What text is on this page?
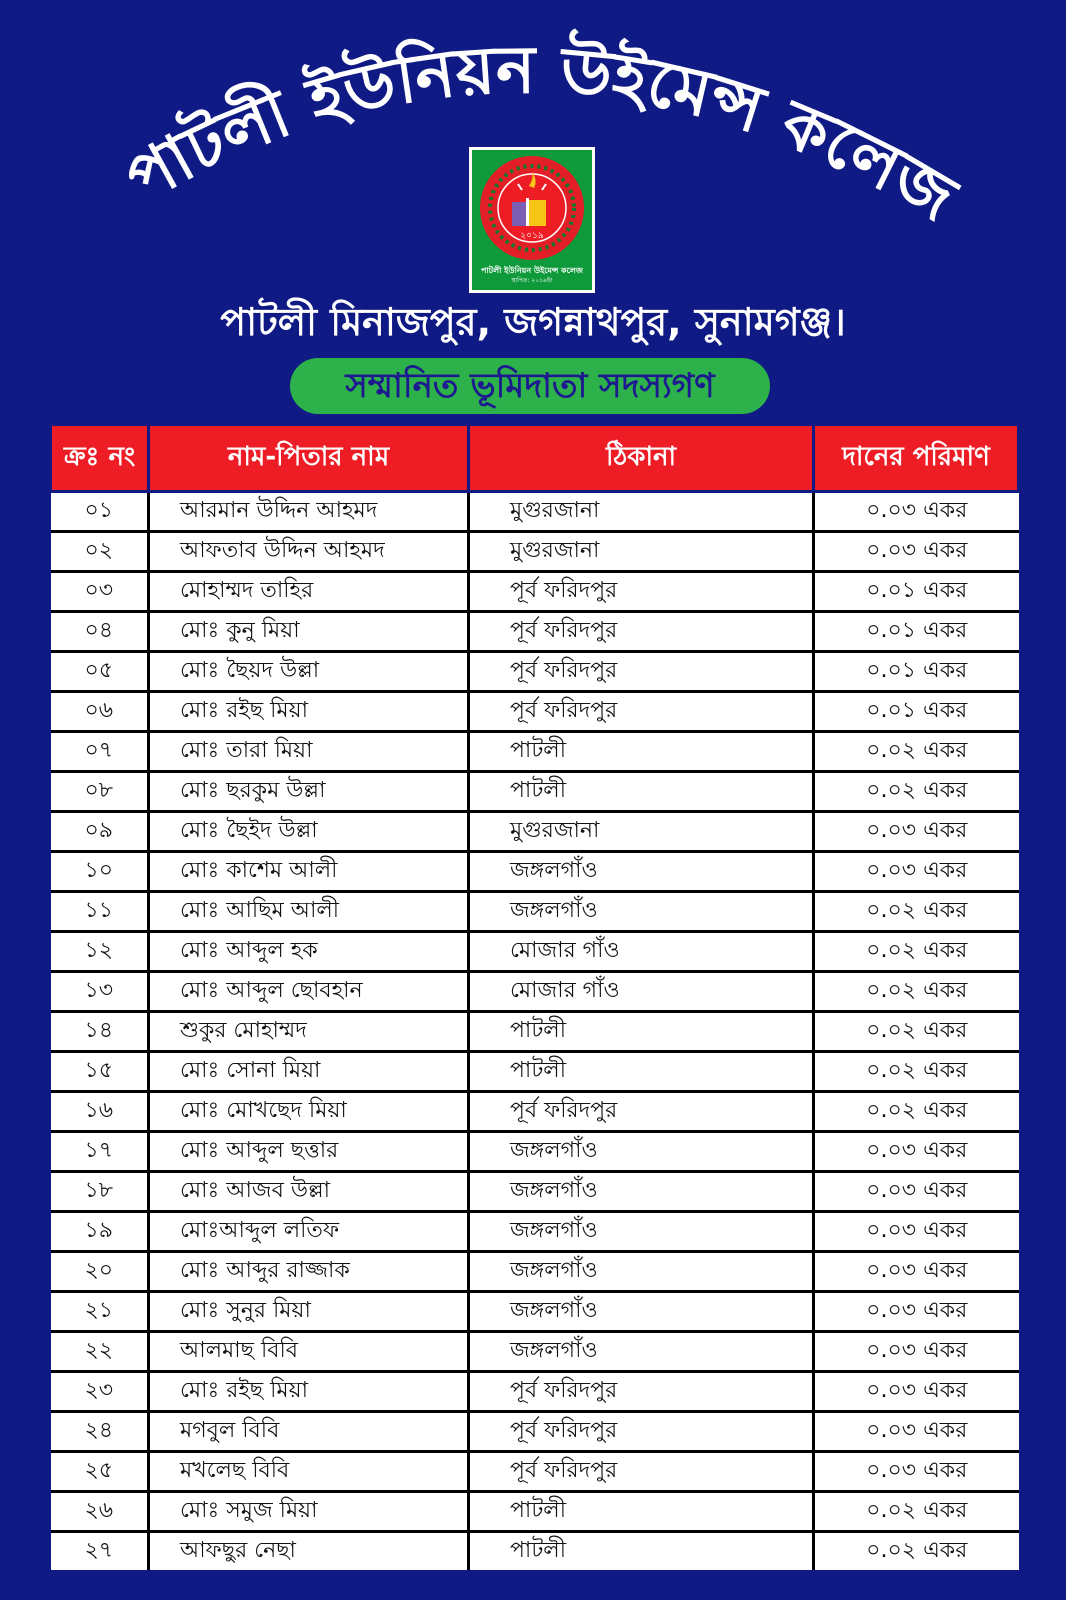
পাটলী ইউনিয়ন উইমেন্স কলেজ
২০১৯
পাটলী ইউনিয়ন উইমেন্স কলেজ
স্থাপিত: ২০১৯ইং
পাটলী মিনাজপুর, জগন্নাথপুর, সুনামগঞ্জ।
সম্মানিত ভূমিদাতা সদস্যগণ
ক্রঃ নং	নাম-পিতার নাম	ঠিকানা	দানের পরিমাণ
০১	আরমান উদ্দিন আহমদ	মুগুরজানা	০.০৩ একর
০২	আফতাব উদ্দিন আহমদ	মুগুরজানা	০.০৩ একর
০৩	মোহাম্মদ তাহির	পূর্ব ফরিদপুর	০.০১ একর
০৪	মোঃ কুনু মিয়া	পূর্ব ফরিদপুর	০.০১ একর
০৫	মোঃ ছৈয়দ উল্লা	পূর্ব ফরিদপুর	০.০১ একর
০৬	মোঃ রইছ মিয়া	পূর্ব ফরিদপুর	০.০১ একর
০৭	মোঃ তারা মিয়া	পাটলী	০.০২ একর
০৮	মোঃ ছরকুম উল্লা	পাটলী	০.০২ একর
০৯	মোঃ ছৈইদ উল্লা	মুগুরজানা	০.০৩ একর
১০	মোঃ কাশেম আলী	জঙ্গলগাঁও	০.০৩ একর
১১	মোঃ আছিম আলী	জঙ্গলগাঁও	০.০২ একর
১২	মোঃ আব্দুল হক	মোজার গাঁও	০.০২ একর
১৩	মোঃ আব্দুল ছোবহান	মোজার গাঁও	০.০২ একর
১৪	শুকুর মোহাম্মদ	পাটলী	০.০২ একর
১৫	মোঃ সোনা মিয়া	পাটলী	০.০২ একর
১৬	মোঃ মোখছেদ মিয়া	পূর্ব ফরিদপুর	০.০২ একর
১৭	মোঃ আব্দুল ছত্তার	জঙ্গলগাঁও	০.০৩ একর
১৮	মোঃ আজব উল্লা	জঙ্গলগাঁও	০.০৩ একর
১৯	মোঃআব্দুল লতিফ	জঙ্গলগাঁও	০.০৩ একর
২০	মোঃ আব্দুর রাজ্জাক	জঙ্গলগাঁও	০.০৩ একর
২১	মোঃ সুনুর মিয়া	জঙ্গলগাঁও	০.০৩ একর
২২	আলমাছ বিবি	জঙ্গলগাঁও	০.০৩ একর
২৩	মোঃ রইছ মিয়া	পূর্ব ফরিদপুর	০.০৩ একর
২৪	মগবুল বিবি	পূর্ব ফরিদপুর	০.০৩ একর
২৫	মখলেছ বিবি	পূর্ব ফরিদপুর	০.০৩ একর
২৬	মোঃ সমুজ মিয়া	পাটলী	০.০২ একর
২৭	আফছুর নেছা	পাটলী	০.০২ একর
